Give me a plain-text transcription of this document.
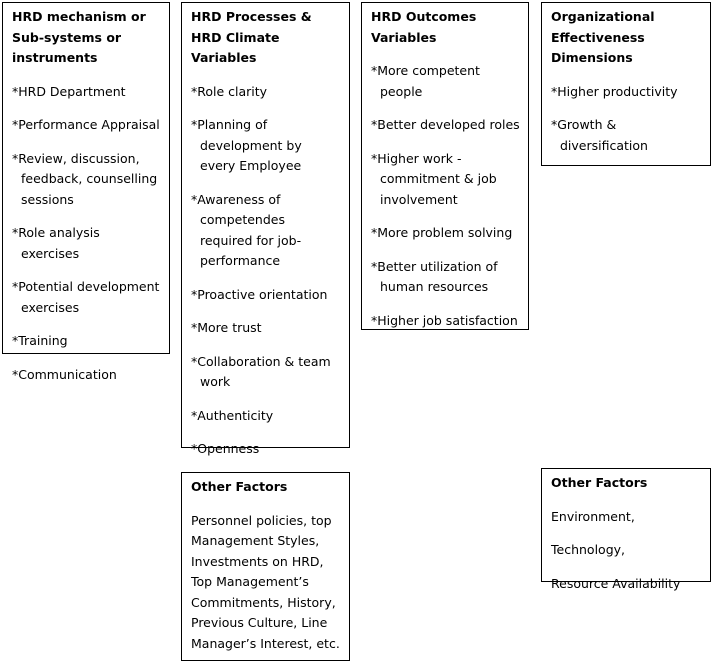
HRD mechanism or Sub-systems or instruments
*HRD Department
*Performance Appraisal
*Review, discussion, feedback, counselling sessions
*Role analysis exercises
*Potential development exercises
*Training
*Communication
HRD Processes & HRD Climate Variables
*Role clarity
*Planning of development by every Employee
*Awareness of competendes required for job-performance
*Proactive orientation
*More trust
*Collaboration & team work
*Authenticity
*Openness
HRD Outcomes Variables
*More competent people
*Better developed roles
*Higher work - commitment & job involvement
*More problem solving
*Better utilization of human resources
*Higher job satisfaction
Organizational Effectiveness Dimensions
*Higher productivity
*Growth & diversification
Other Factors
Personnel policies, top Management Styles, Investments on HRD, Top Management’s Commitments, History, Previous Culture, Line Manager’s Interest, etc.
Other Factors
Environment,
Technology,
Resource Availability
